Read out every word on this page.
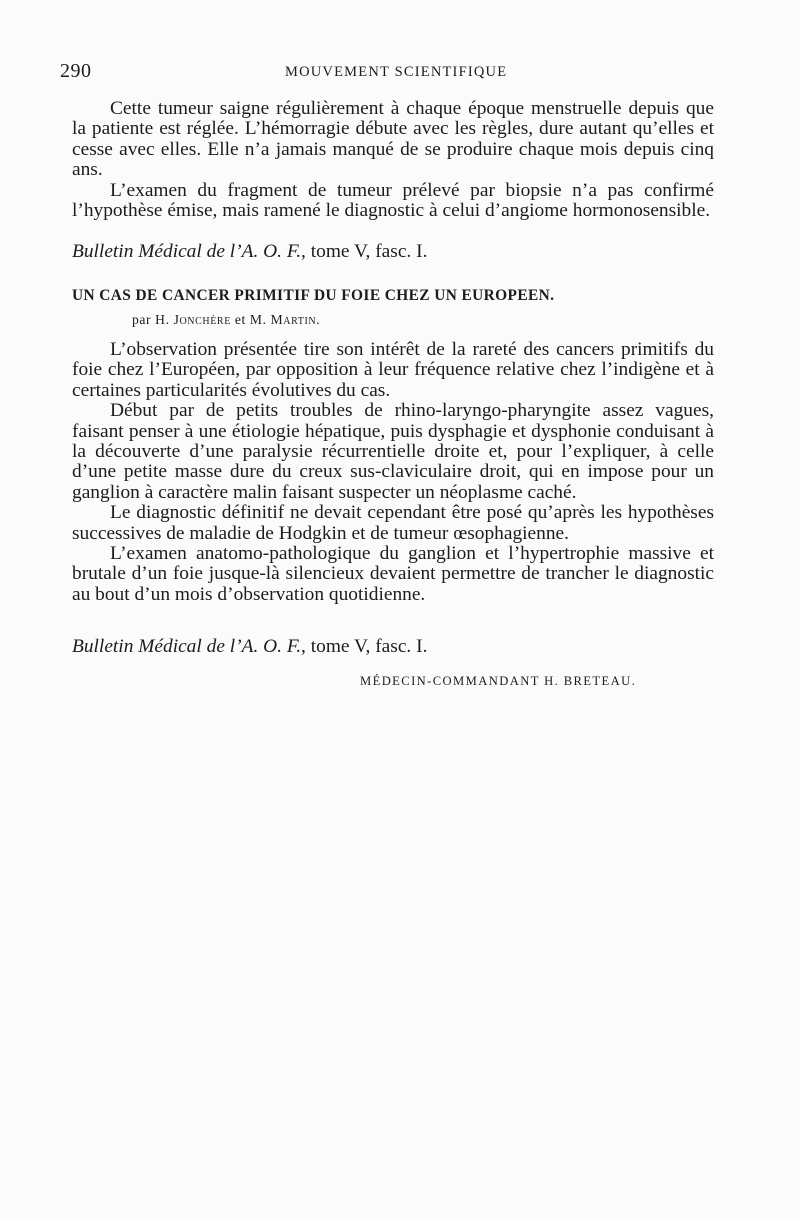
290	MOUVEMENT SCIENTIFIQUE

Cette tumeur saigne régulièrement à chaque époque menstruelle depuis que la patiente est réglée. L’hémorragie débute avec les règles, dure autant qu’elles et cesse avec elles. Elle n’a jamais manqué de se produire chaque mois depuis cinq ans.

L’examen du fragment de tumeur prélevé par biopsie n’a pas confirmé l’hypothèse émise, mais ramené le diagnostic à celui d’angiome hormonosensible.

Bulletin Médical de l’A. O. F., tome V, fasc. I.
UN CAS DE CANCER PRIMITIF DU FOIE CHEZ UN EUROPEEN.
par H. Jonchère et M. Martin.

L’observation présentée tire son intérêt de la rareté des cancers primitifs du foie chez l’Européen, par opposition à leur fréquence relative chez l’indigène et à certaines particularités évolutives du cas.

Début par de petits troubles de rhino-laryngo-pharyngite assez vagues, faisant penser à une étiologie hépatique, puis dysphagie et dysphonie conduisant à la découverte d’une paralysie récurrentielle droite et, pour l’expliquer, à celle d’une petite masse dure du creux sus-claviculaire droit, qui en impose pour un ganglion à caractère malin faisant suspecter un néoplasme caché.

Le diagnostic définitif ne devait cependant être posé qu’après les hypothèses successives de maladie de Hodgkin et de tumeur œsophagienne.

L’examen anatomo-pathologique du ganglion et l’hypertrophie massive et brutale d’un foie jusque-là silencieux devaient permettre de trancher le diagnostic au bout d’un mois d’observation quotidienne.

Bulletin Médical de l’A. O. F., tome V, fasc. I.
MÉDECIN-COMMANDANT H. BRETEAU.
